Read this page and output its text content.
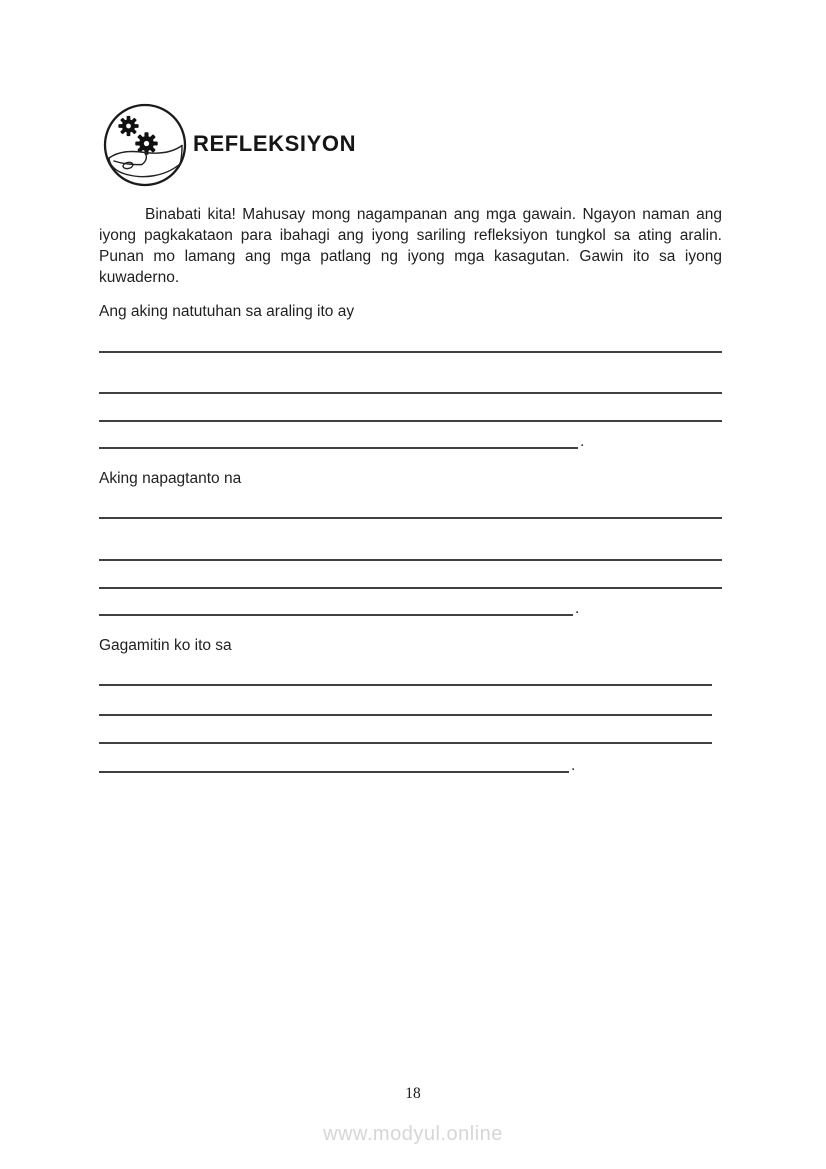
REFLEKSIYON

Binabati kita! Mahusay mong nagampanan ang mga gawain. Ngayon naman ang iyong pagkakataon para ibahagi ang iyong sariling refleksiyon tungkol sa ating aralin. Punan mo lamang ang mga patlang ng iyong mga kasagutan. Gawin ito sa iyong kuwaderno.

Ang aking natutuhan sa araling ito ay
.
Aking napagtanto na
.
Gagamitin ko ito sa
.
18
www.modyul.online
